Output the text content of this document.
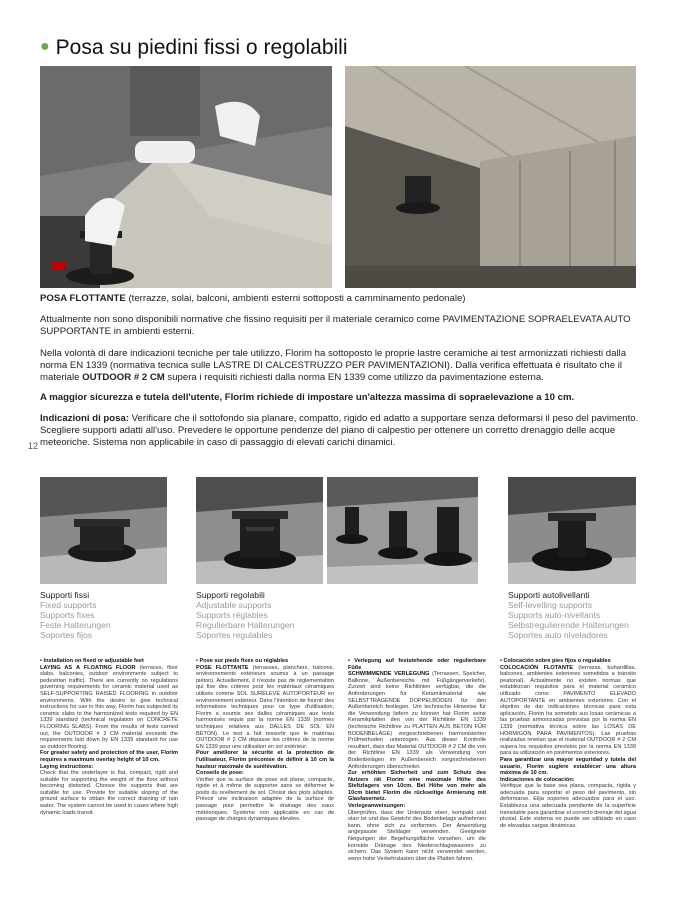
● Posa su piedini fissi o regolabili
POSA FLOTTANTE (terrazze, solai, balconi, ambienti esterni sottoposti a camminamento pedonale)
Attualmente non sono disponibili normative che fissino requisiti per il materiale ceramico come PAVIMENTAZIONE SOPRAELEVATA AUTO SUPPORTANTE in ambienti esterni.
Nella volontà di dare indicazioni tecniche per tale utilizzo, Florim ha sottoposto le proprie lastre ceramiche ai test armonizzati richiesti dalla norma EN 1339 (normativa tecnica sulle LASTRE DI CALCESTRUZZO PER PAVIMENTAZIONI). Dalla verifica effettuata è risultato che il materiale OUTDOOR # 2 CM supera i requisiti richiesti dalla norma EN 1339 come utilizzo da pavimentazione esterna.
A maggior sicurezza e tutela dell'utente, Florim richiede di impostare un'altezza massima di sopraelevazione a 10 cm.
Indicazioni di posa: Verificare che il sottofondo sia planare, compatto, rigido ed adatto a supportare senza deformarsi il peso del pavimento. Scegliere supporti adatti all'uso. Prevedere le opportune pendenze del piano di calpestio per ottenere un corretto drenaggio delle acque meteoriche. Sistema non applicabile in caso di passaggio di elevati carichi dinamici.
12
Supporti fissi
Fixed supports
Supports fixes
Feste Halterungen
Soportes fijos
Supporti regolabili
Adjustable supports
Supports réglables
Regulierbare Halterungen
Soportes regulables
Supporti autolivellanti
Self-levelling supports
Supports auto-nivellants
Selbstregulierende Halterungen
Soportes auto niveladores

• Installation on fixed or adjustable feet

LAYING AS A FLOATING FLOOR (terraces, floor slabs, balconies, outdoor environments subject to pedestrian traffic). There are currently no regulations governing requirements for ceramic material used as SELF-SUPPORTING RAISED FLOORING in outdoor environments. With the desire to give technical instructions for use in this way, Florim has subjected its ceramic slabs to the harmonized tests required by EN 1339 standard (technical regulation on CONCRETE FLOORING SLABS). From the results of tests carried out, the OUTDOOR # 2 CM material exceeds the requirements laid down by EN 1339 standard for use as outdoor flooring.

For greater safety and protection of the user, Florim requires a maximum overlay height of 10 cm.

Laying instructions:

Check that the underlayer is flat, compact, rigid and suitable for supporting the weight of the floor without becoming distorted. Choose the supports that are suitable for use. Provide for suitable sloping of the ground surface to obtain the correct draining of rain water. The system cannot be used in cases where high dynamic loads transit.

• Pose sur pieds fixes ou réglables

POSE FLOTTANTE (terrasses, planchers, balcons, environnements extérieurs soumis à un passage piéton). Actuellement, il n'existe pas de réglementation qui fixe des critères pour les matériaux céramiques utilisés comme SOL SURÉLEVÉ AUTOPORTEUR en environnement extérieur. Dans l'intention de fournir des informations techniques pour ce type d'utilisation, Florim a soumis ses dalles céramiques aux tests harmonisés requis par la norme EN 1339 (normes techniques relatives aux DALLES DE SOL EN BÉTON). Le test a fait ressortir que le matériau OUTDOOR # 2 CM dépasse les critères de la norme EN 1339 pour une utilisation en sol extérieur.

Pour améliorer la sécurité et la protection de l'utilisateur, Florim préconise de définir à 10 cm la hauteur maximale de surélévation.

Conseils de pose:

Vérifier que la surface de pose est plane, compacte, rigide et à même de supporter sans se déformer le poids du revêtement de sol. Choisir des plots adaptés. Prévoir une inclinaison adaptée de la surface de passage pour permettre le drainage des eaux météoriques. Système non applicable en cas de passage de charges dynamiques élevées.

• Verlegung auf feststehende oder regulierbare Füße

SCHWIMMENDE VERLEGUNG (Terrassen, Speicher, Balkone, Außenbereiche mit Fußgängerverkehr). Zurzeit sind keine Richtlinien verfügbar, die die Anforderungen für Keramikmaterial wie SELBSTTRAGENDE DOPPELBÖDEN für den Außenbereich festlegen. Um technische Hinweise für die Verwendung liefern zu können hat Florim seine Keramikplatten den von der Richtlinie EN 1339 (technische Richtlinie zu PLATTEN AUS BETON FÜR BODENBELÄGE) vorgeschriebenen harmonisierten Prüfmethoden unterzogen. Aus dieser Kontrolle resultiert, dass das Material OUTDOOR # 2 CM die von der Richtlinie EN 1339 als Verwendung von Bodenbelägen im Außenbereich vorgeschriebenen Anforderungen überschreitet.

Zur erhöhten Sicherheit und zum Schutz des Nutzers rät Florim eine maximale Höhe des Steltzlagers von 10cm. Bei Höhe von mehr als 10cm bietet Florim die rückseitige Armierung mit Glasfasernetz.

Verlegeanweisungen:

Überprüfen, dass der Unterputz eben, kompakt und starr ist und das Gewicht des Bodenbelags aufnehmen kann, ohne sich zu verformen. Der Anwendung angepasste Steldager verwenden. Geeignete Neigungen der Begehungsfläche vorsehen, um die korrekte Dränage des Niederschlagswassers zu sichern. Das System kann nicht verwendet werden, wenn hohe Verkehrslasten über die Platten fahren.

• Colocación sobre pies fijos o regulables

COLOCACIÓN FLOTANTE (terrazas, buhardillas, balcones, ambientes exteriores sometidos a tránsito peatonal). Actualmente no existen normas que establezcan requisitos para el material cerámico utilizado como PAVIMENTO ELEVADO AUTOPORTANTE en ambientes exteriores. Con el objetivo de dar indicaciones técnicas para esta aplicación, Florim ha sometido sus losas cerámicas a las pruebas armonizadas previstas por la norma EN 1339 (normativa técnica sobre las LOSAS DE HORMIGÓN PARA PAVIMENTOS). Las pruebas realizadas revelan que el material OUTDOOR # 2 CM supera los requisitos previstos por la norma EN 1339 para su utilización en pavimentos exteriores.

Para garantizar una mayor seguridad y tutela del usuario, Florim sugiere establecer una altura máxima de 10 cm.

Indicaciones de colocación:

Verifique que la base sea plana, compacta, rígida y adecuada para soportar el peso del pavimento, sin deformarse. Elija soportes adecuados para el uso. Establezca una adecuada pendiente de la superficie transitable para garantizar el correcto drenaje del agua pluvial. Este sistema no puede ser utilizado en caso de elevadas cargas dinámicas.
